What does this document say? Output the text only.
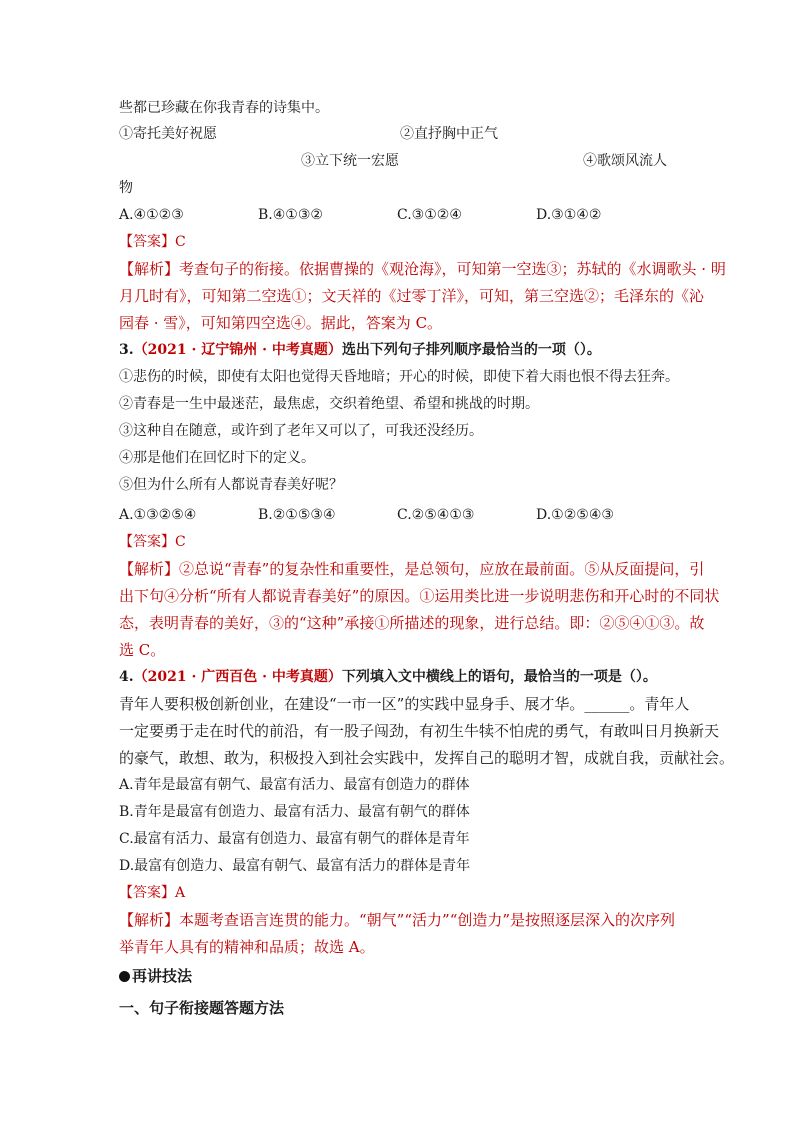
些都已珍藏在你我青春的诗集中。
①寄托美好祝愿	②直抒胸中正气
③立下统一宏愿	④歌颂风流人
物
A.④①②③	B.④①③②	C.③①②④	D.③①④②
【答案】C
【解析】考查句子的衔接。依据曹操的《观沧海》，可知第一空选③；苏轼的《水调歌头 · 明
月几时有》，可知第二空选①；文天祥的《过零丁洋》，可知，第三空选②；毛泽东的《沁
园春 · 雪》，可知第四空选④。据此，答案为 C。
3.（2021 · 辽宁锦州 · 中考真题）选出下列句子排列顺序最恰当的一项（）。
①悲伤的时候，即使有太阳也觉得天昏地暗；开心的时候，即使下着大雨也恨不得去狂奔。
②青春是一生中最迷茫，最焦虑，交织着绝望、希望和挑战的时期。
③这种自在随意，或许到了老年又可以了，可我还没经历。
④那是他们在回忆时下的定义。
⑤但为什么所有人都说青春美好呢？
A.①③②⑤④	B.②①⑤③④	C.②⑤④①③	D.①②⑤④③
【答案】C
【解析】②总说“青春”的复杂性和重要性，是总领句，应放在最前面。⑤从反面提问，引
出下句④分析“所有人都说青春美好”的原因。①运用类比进一步说明悲伤和开心时的不同状
态，表明青春的美好，③的“这种”承接①所描述的现象，进行总结。即：②⑤④①③。故
选 C。
4.（2021 · 广西百色 · 中考真题）下列填入文中横线上的语句，最恰当的一项是（）。
青年人要积极创新创业，在建设“一市一区”的实践中显身手、展才华。______。青年人
一定要勇于走在时代的前沿，有一股子闯劲，有初生牛犊不怕虎的勇气，有敢叫日月换新天
的豪气，敢想、敢为，积极投入到社会实践中，发挥自己的聪明才智，成就自我，贡献社会。
A.青年是最富有朝气、最富有活力、最富有创造力的群体
B.青年是最富有创造力、最富有活力、最富有朝气的群体
C.最富有活力、最富有创造力、最富有朝气的群体是青年
D.最富有创造力、最富有朝气、最富有活力的群体是青年
【答案】A
【解析】本题考查语言连贯的能力。“朝气”“活力”“创造力”是按照逐层深入的次序列
举青年人具有的精神和品质；故选 A。
再讲技法
一、句子衔接题答题方法
